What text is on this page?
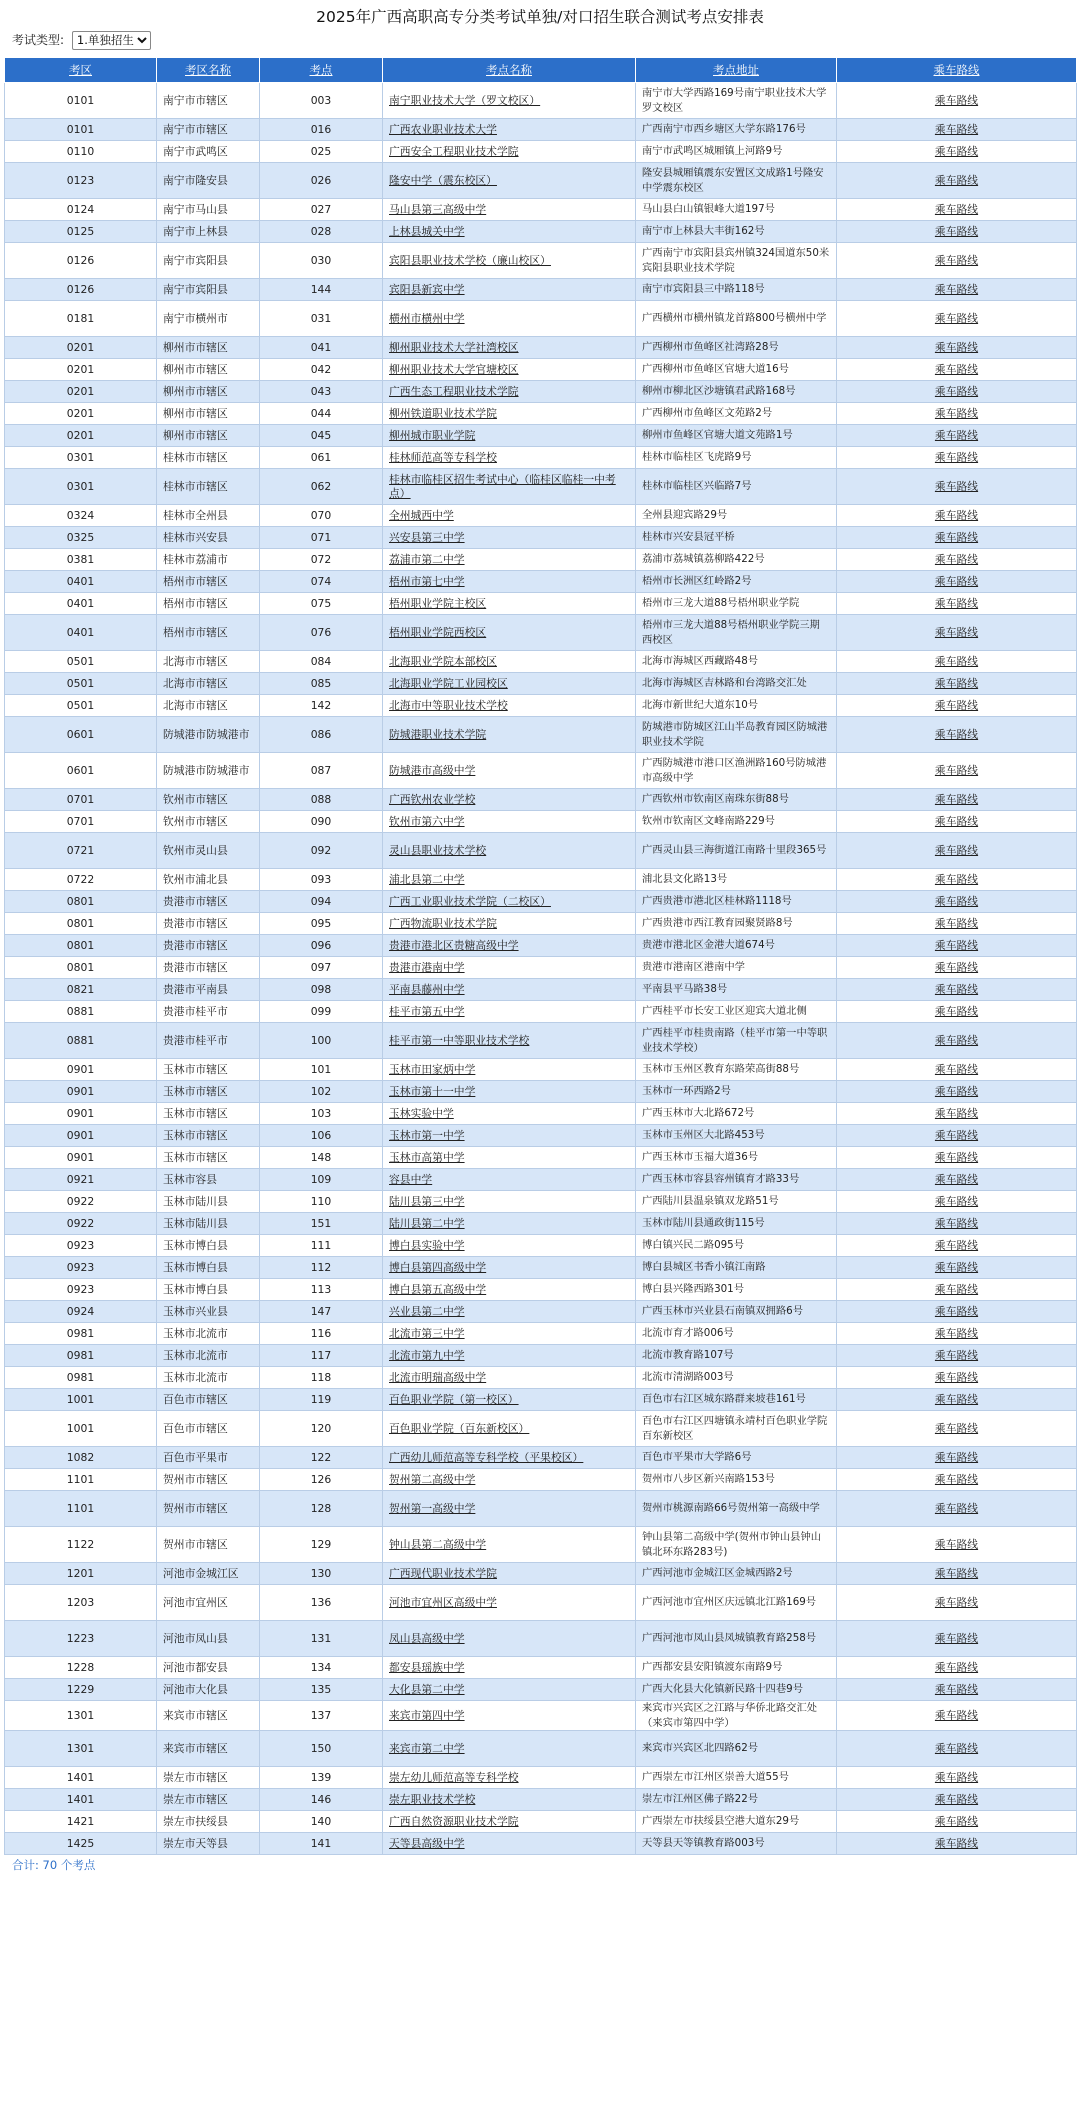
2025年广西高职高专分类考试单独/对口招生联合测试考点安排表
考试类型:
1.单独招生
考区	考区名称	考点	考点名称	考点地址	乘车路线
0101	南宁市市辖区	003	南宁职业技术大学（罗文校区）	南宁市大学西路169号南宁职业技术大学罗文校区	乘车路线
0101	南宁市市辖区	016	广西农业职业技术大学	广西南宁市西乡塘区大学东路176号	乘车路线
0110	南宁市武鸣区	025	广西安全工程职业技术学院	南宁市武鸣区城厢镇上河路9号	乘车路线
0123	南宁市隆安县	026	隆安中学（震东校区）	隆安县城厢镇震东安置区文成路1号隆安中学震东校区	乘车路线
0124	南宁市马山县	027	马山县第三高级中学	马山县白山镇银峰大道197号	乘车路线
0125	南宁市上林县	028	上林县城关中学	南宁市上林县大丰街162号	乘车路线
0126	南宁市宾阳县	030	宾阳县职业技术学校（廉山校区）	广西南宁市宾阳县宾州镇324国道东50米 宾阳县职业技术学院	乘车路线
0126	南宁市宾阳县	144	宾阳县新宾中学	南宁市宾阳县三中路118号	乘车路线
0181	南宁市横州市	031	横州市横州中学	广西横州市横州镇龙首路800号横州中学	乘车路线
0201	柳州市市辖区	041	柳州职业技术大学社湾校区	广西柳州市鱼峰区社湾路28号	乘车路线
0201	柳州市市辖区	042	柳州职业技术大学官塘校区	广西柳州市鱼峰区官塘大道16号	乘车路线
0201	柳州市市辖区	043	广西生态工程职业技术学院	柳州市柳北区沙塘镇君武路168号	乘车路线
0201	柳州市市辖区	044	柳州铁道职业技术学院	广西柳州市鱼峰区文苑路2号	乘车路线
0201	柳州市市辖区	045	柳州城市职业学院	柳州市鱼峰区官塘大道文苑路1号	乘车路线
0301	桂林市市辖区	061	桂林师范高等专科学校	桂林市临桂区飞虎路9号	乘车路线
0301	桂林市市辖区	062	桂林市临桂区招生考试中心（临桂区临桂一中考点）	桂林市临桂区兴临路7号	乘车路线
0324	桂林市全州县	070	全州城西中学	全州县迎宾路29号	乘车路线
0325	桂林市兴安县	071	兴安县第三中学	桂林市兴安县冠平桥	乘车路线
0381	桂林市荔浦市	072	荔浦市第二中学	荔浦市荔城镇荔柳路422号	乘车路线
0401	梧州市市辖区	074	梧州市第七中学	梧州市长洲区红岭路2号	乘车路线
0401	梧州市市辖区	075	梧州职业学院主校区	梧州市三龙大道88号梧州职业学院	乘车路线
0401	梧州市市辖区	076	梧州职业学院西校区	梧州市三龙大道88号梧州职业学院三期西校区	乘车路线
0501	北海市市辖区	084	北海职业学院本部校区	北海市海城区西藏路48号	乘车路线
0501	北海市市辖区	085	北海职业学院工业园校区	北海市海城区吉林路和台湾路交汇处	乘车路线
0501	北海市市辖区	142	北海市中等职业技术学校	北海市新世纪大道东10号	乘车路线
0601	防城港市防城港市	086	防城港职业技术学院	防城港市防城区江山半岛教育园区防城港职业技术学院	乘车路线
0601	防城港市防城港市	087	防城港市高级中学	广西防城港市港口区渔洲路160号防城港市高级中学	乘车路线
0701	钦州市市辖区	088	广西钦州农业学校	广西钦州市钦南区南珠东街88号	乘车路线
0701	钦州市市辖区	090	钦州市第六中学	钦州市钦南区文峰南路229号	乘车路线
0721	钦州市灵山县	092	灵山县职业技术学校	广西灵山县三海街道江南路十里段365号	乘车路线
0722	钦州市浦北县	093	浦北县第二中学	浦北县文化路13号	乘车路线
0801	贵港市市辖区	094	广西工业职业技术学院（二校区）	广西贵港市港北区桂林路1118号	乘车路线
0801	贵港市市辖区	095	广西物流职业技术学院	广西贵港市西江教育园聚贤路8号	乘车路线
0801	贵港市市辖区	096	贵港市港北区贵糖高级中学	贵港市港北区金港大道674号	乘车路线
0801	贵港市市辖区	097	贵港市港南中学	贵港市港南区港南中学	乘车路线
0821	贵港市平南县	098	平南县藤州中学	平南县平马路38号	乘车路线
0881	贵港市桂平市	099	桂平市第五中学	广西桂平市长安工业区迎宾大道北侧	乘车路线
0881	贵港市桂平市	100	桂平市第一中等职业技术学校	广西桂平市桂贵南路（桂平市第一中等职业技术学校）	乘车路线
0901	玉林市市辖区	101	玉林市田家炳中学	玉林市玉州区教育东路荣高街88号	乘车路线
0901	玉林市市辖区	102	玉林市第十一中学	玉林市一环西路2号	乘车路线
0901	玉林市市辖区	103	玉林实验中学	广西玉林市大北路672号	乘车路线
0901	玉林市市辖区	106	玉林市第一中学	玉林市玉州区大北路453号	乘车路线
0901	玉林市市辖区	148	玉林市高第中学	广西玉林市玉福大道36号	乘车路线
0921	玉林市容县	109	容县中学	广西玉林市容县容州镇育才路33号	乘车路线
0922	玉林市陆川县	110	陆川县第三中学	广西陆川县温泉镇双龙路51号	乘车路线
0922	玉林市陆川县	151	陆川县第二中学	玉林市陆川县通政街115号	乘车路线
0923	玉林市博白县	111	博白县实验中学	博白镇兴民二路095号	乘车路线
0923	玉林市博白县	112	博白县第四高级中学	博白县城区书香小镇江南路	乘车路线
0923	玉林市博白县	113	博白县第五高级中学	博白县兴隆西路301号	乘车路线
0924	玉林市兴业县	147	兴业县第二中学	广西玉林市兴业县石南镇双拥路6号	乘车路线
0981	玉林市北流市	116	北流市第三中学	北流市育才路006号	乘车路线
0981	玉林市北流市	117	北流市第九中学	北流市教育路107号	乘车路线
0981	玉林市北流市	118	北流市明瑞高级中学	北流市清湖路003号	乘车路线
1001	百色市市辖区	119	百色职业学院（第一校区）	百色市右江区城东路群来坡巷161号	乘车路线
1001	百色市市辖区	120	百色职业学院（百东新校区）	百色市右江区四塘镇永靖村百色职业学院百东新校区	乘车路线
1082	百色市平果市	122	广西幼儿师范高等专科学校（平果校区）	百色市平果市大学路6号	乘车路线
1101	贺州市市辖区	126	贺州第二高级中学	贺州市八步区新兴南路153号	乘车路线
1101	贺州市市辖区	128	贺州第一高级中学	贺州市桃源南路66号贺州第一高级中学	乘车路线
1122	贺州市市辖区	129	钟山县第二高级中学	钟山县第二高级中学(贺州市钟山县钟山镇北环东路283号)	乘车路线
1201	河池市金城江区	130	广西现代职业技术学院	广西河池市金城江区金城西路2号	乘车路线
1203	河池市宜州区	136	河池市宜州区高级中学	广西河池市宜州区庆远镇北江路169号	乘车路线
1223	河池市凤山县	131	凤山县高级中学	广西河池市凤山县凤城镇教育路258号	乘车路线
1228	河池市都安县	134	都安县瑶族中学	广西都安县安阳镇渡东南路9号	乘车路线
1229	河池市大化县	135	大化县第二中学	广西大化县大化镇新民路十四巷9号	乘车路线
1301	来宾市市辖区	137	来宾市第四中学	来宾市兴宾区之江路与华侨北路交汇处（来宾市第四中学）	乘车路线
1301	来宾市市辖区	150	来宾市第二中学	来宾市兴宾区北四路62号	乘车路线
1401	崇左市市辖区	139	崇左幼儿师范高等专科学校	广西崇左市江州区崇善大道55号	乘车路线
1401	崇左市市辖区	146	崇左职业技术学校	崇左市江州区佛子路22号	乘车路线
1421	崇左市扶绥县	140	广西自然资源职业技术学院	广西崇左市扶绥县空港大道东29号	乘车路线
1425	崇左市天等县	141	天等县高级中学	天等县天等镇教育路003号	乘车路线
合计: 70 个考点
